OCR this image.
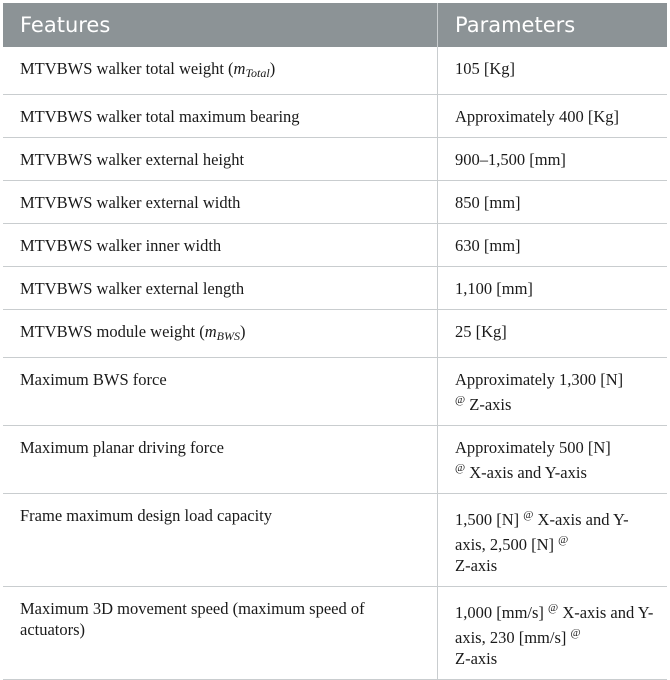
Features	Parameters
MTVBWS walker total weight $(m_{Total})$	105 [Kg]
MTVBWS walker total maximum bearing	Approximately 400 [Kg]
MTVBWS walker external height	900–1,500 [mm]
MTVBWS walker external width	850 [mm]
MTVBWS walker inner width	630 [mm]
MTVBWS walker external length	1,100 [mm]
MTVBWS module weight $(m_{BWS})$	25 [Kg]
Maximum BWS force	Approximately 1,300 [N]
@ Z-axis
Maximum planar driving force	Approximately 500 [N]
@ X-axis and Y-axis
Frame maximum design load capacity	1,500 [N] @ X-axis and Y-axis, 2,500 [N] @
Z-axis
Maximum 3D movement speed (maximum speed of actuators)	1,000 [mm/s] @ X-axis and Y-axis, 230 [mm/s] @
Z-axis
